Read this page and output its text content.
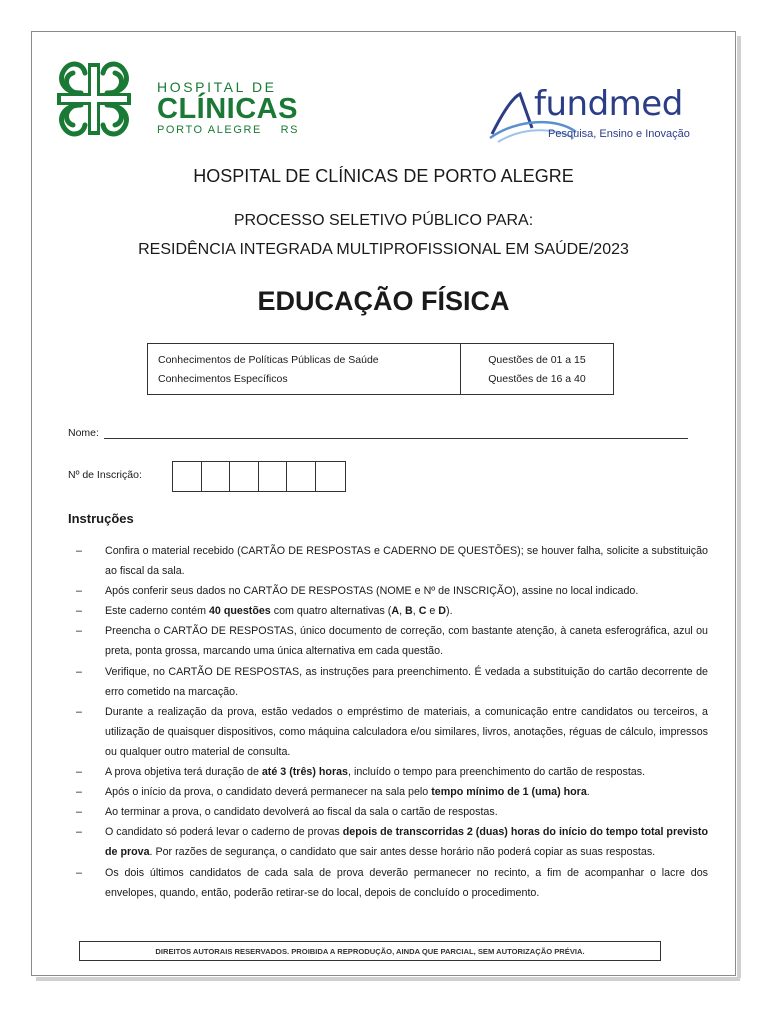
HOSPITAL DE
CLÍNICAS
PORTO ALEGRE    RS
fundmed
Pesquisa, Ensino e Inovação
HOSPITAL DE CLÍNICAS DE PORTO ALEGRE
PROCESSO SELETIVO PÚBLICO PARA:
RESIDÊNCIA INTEGRADA MULTIPROFISSIONAL EM SAÚDE/2023
EDUCAÇÃO FÍSICA
Conhecimentos de Políticas Públicas de Saúde	Questões de 01 a 15
Conhecimentos Específicos	Questões de 16 a 40
Nome:
Nº de Inscrição:
Instruções
–	Confira o material recebido (CARTÃO DE RESPOSTAS e CADERNO DE QUESTÕES); se houver falha, solicite a substituição ao fiscal da sala.
–	Após conferir seus dados no CARTÃO DE RESPOSTAS (NOME e Nº de INSCRIÇÃO), assine no local indicado.
–	Este caderno contém 40 questões com quatro alternativas (A, B, C e D).
–	Preencha o CARTÃO DE RESPOSTAS, único documento de correção, com bastante atenção, à caneta esferográfica, azul ou preta, ponta grossa, marcando uma única alternativa em cada questão.
–	Verifique, no CARTÃO DE RESPOSTAS, as instruções para preenchimento. É vedada a substituição do cartão decorrente de erro cometido na marcação.
–	Durante a realização da prova, estão vedados o empréstimo de materiais, a comunicação entre candidatos ou terceiros, a utilização de quaisquer dispositivos, como máquina calculadora e/ou similares, livros, anotações, réguas de cálculo, impressos ou qualquer outro material de consulta.
–	A prova objetiva terá duração de até 3 (três) horas, incluído o tempo para preenchimento do cartão de respostas.
–	Após o início da prova, o candidato deverá permanecer na sala pelo tempo mínimo de 1 (uma) hora.
–	Ao terminar a prova, o candidato devolverá ao fiscal da sala o cartão de respostas.
–	O candidato só poderá levar o caderno de provas depois de transcorridas 2 (duas) horas do início do tempo total previsto de prova. Por razões de segurança, o candidato que sair antes desse horário não poderá copiar as suas respostas.
–	Os dois últimos candidatos de cada sala de prova deverão permanecer no recinto, a fim de acompanhar o lacre dos envelopes, quando, então, poderão retirar-se do local, depois de concluído o procedimento.
DIREITOS AUTORAIS RESERVADOS. PROIBIDA A REPRODUÇÃO, AINDA QUE PARCIAL, SEM AUTORIZAÇÃO PRÉVIA.
